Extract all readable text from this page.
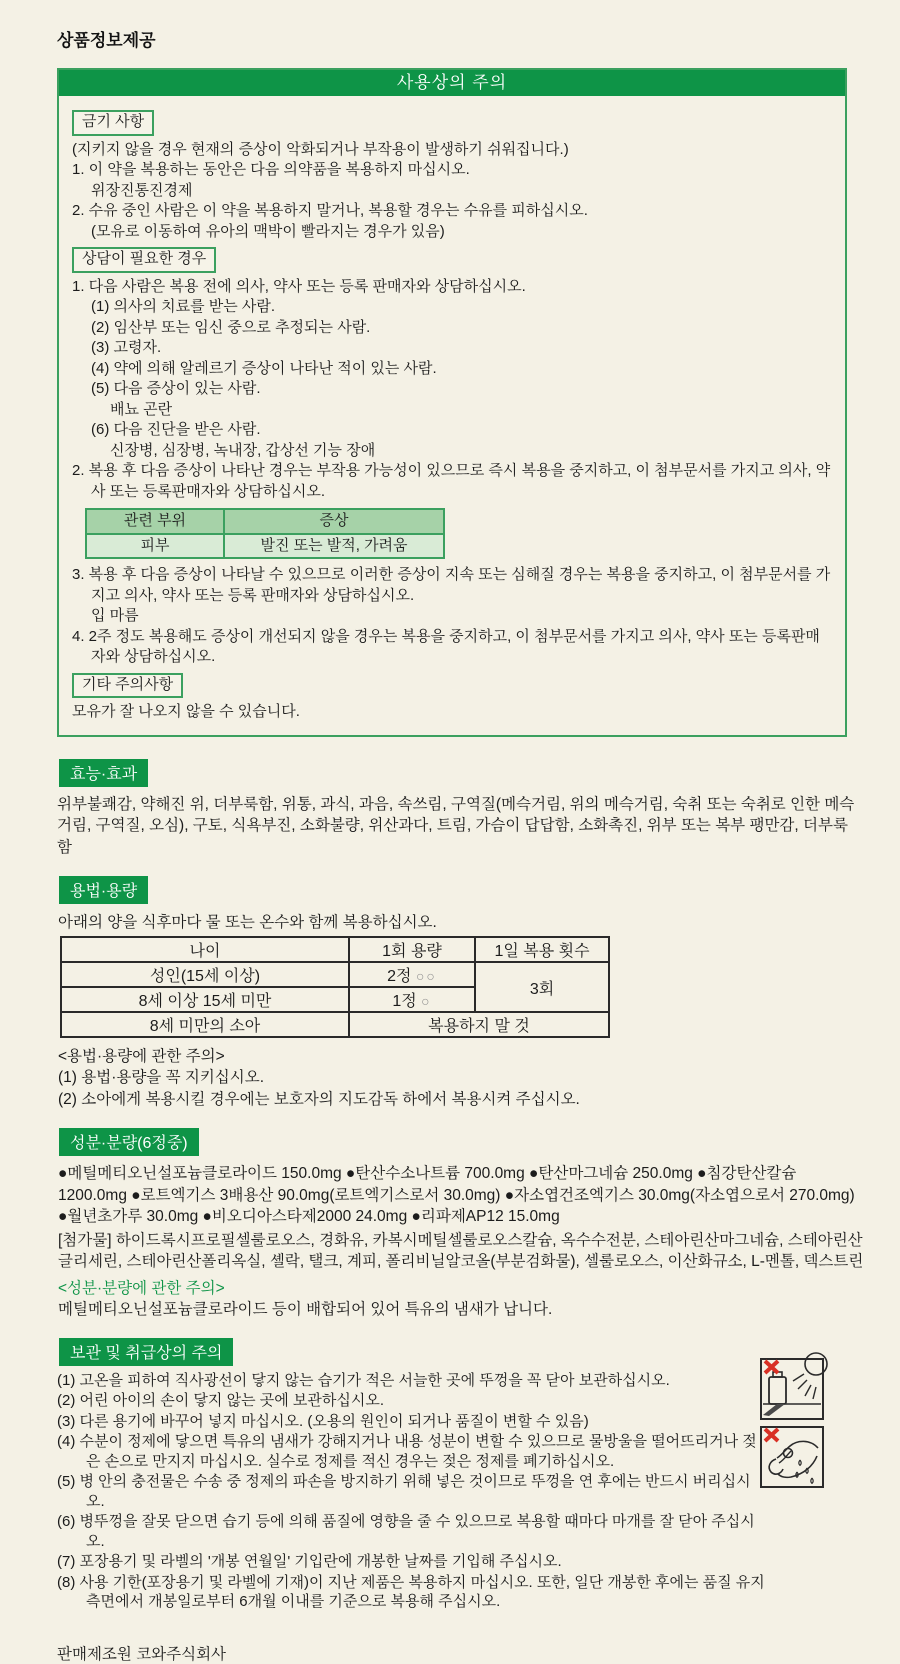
상품정보제공
사용상의 주의
금기 사항
(지키지 않을 경우 현재의 증상이 악화되거나 부작용이 발생하기 쉬워집니다.)
1. 이 약을 복용하는 동안은 다음 의약품을 복용하지 마십시오.
위장진통진경제
2. 수유 중인 사람은 이 약을 복용하지 말거나, 복용할 경우는 수유를 피하십시오.
(모유로 이동하여 유아의 맥박이 빨라지는 경우가 있음)
상담이 필요한 경우
1. 다음 사람은 복용 전에 의사, 약사 또는 등록 판매자와 상담하십시오.
(1) 의사의 치료를 받는 사람.
(2) 임산부 또는 임신 중으로 추정되는 사람.
(3) 고령자.
(4) 약에 의해 알레르기 증상이 나타난 적이 있는 사람.
(5) 다음 증상이 있는 사람.
배뇨 곤란
(6) 다음 진단을 받은 사람.
신장병, 심장병, 녹내장, 갑상선 기능 장애
2. 복용 후 다음 증상이 나타난 경우는 부작용 가능성이 있으므로 즉시 복용을 중지하고, 이 첨부문서를 가지고 의사, 약사 또는 등록판매자와 상담하십시오.
관련 부위	증상
피부	발진 또는 발적, 가려움
3. 복용 후 다음 증상이 나타날 수 있으므로 이러한 증상이 지속 또는 심해질 경우는 복용을 중지하고, 이 첨부문서를 가지고 의사, 약사 또는 등록 판매자와 상담하십시오.
입 마름
4. 2주 정도 복용해도 증상이 개선되지 않을 경우는 복용을 중지하고, 이 첨부문서를 가지고 의사, 약사 또는 등록판매자와 상담하십시오.
기타 주의사항
모유가 잘 나오지 않을 수 있습니다.
효능·효과

위부불쾌감, 약해진 위, 더부룩함, 위통, 과식, 과음, 속쓰림, 구역질(메슥거림, 위의 메슥거림, 숙취 또는 숙취로 인한 메슥거림, 구역질, 오심), 구토, 식욕부진, 소화불량, 위산과다, 트림, 가슴이 답답함, 소화촉진, 위부 또는 복부 팽만감, 더부룩함

용법·용량
아래의 양을 식후마다 물 또는 온수와 함께 복용하십시오.
나이	1회 용량	1일 복용 횟수
성인(15세 이상)	2정 ○○	3회
8세 이상 15세 미만	1정 ○	
8세 미만의 소아	복용하지 말 것	
<용법·용량에 관한 주의>
(1) 용법·용량을 꼭 지키십시오.
(2) 소아에게 복용시킬 경우에는 보호자의 지도감독 하에서 복용시켜 주십시오.
성분·분량(6정중)

●메틸메티오닌설포늄클로라이드 150.0mg ●탄산수소나트륨 700.0mg ●탄산마그네슘 250.0mg ●침강탄산칼슘 1200.0mg ●로트엑기스 3배용산 90.0mg(로트엑기스로서 30.0mg) ●자소엽건조엑기스 30.0mg(자소엽으로서 270.0mg) ●월년초가루 30.0mg ●비오디아스타제2000 24.0mg ●리파제AP12 15.0mg

[첨가물] 하이드록시프로필셀룰로오스, 경화유, 카복시메틸셀룰로오스칼슘, 옥수수전분, 스테아린산마그네슘, 스테아린산글리세린, 스테아린산폴리옥실, 셸락, 탤크, 계피, 폴리비닐알코올(부분검화물), 셀룰로오스, 이산화규소, L-멘톨, 덱스트린

<성분·분량에 관한 주의>
메틸메티오닌설포늄클로라이드 등이 배합되어 있어 특유의 냄새가 납니다.
보관 및 취급상의 주의
(1) 고온을 피하여 직사광선이 닿지 않는 습기가 적은 서늘한 곳에 뚜껑을 꼭 닫아 보관하십시오.
(2) 어린 아이의 손이 닿지 않는 곳에 보관하십시오.
(3) 다른 용기에 바꾸어 넣지 마십시오. (오용의 원인이 되거나 품질이 변할 수 있음)
(4) 수분이 정제에 닿으면 특유의 냄새가 강해지거나 내용 성분이 변할 수 있으므로 물방울을 떨어뜨리거나 젖은 손으로 만지지 마십시오. 실수로 정제를 적신 경우는 젖은 정제를 폐기하십시오.
(5) 병 안의 충전물은 수송 중 정제의 파손을 방지하기 위해 넣은 것이므로 뚜껑을 연 후에는 반드시 버리십시오.
(6) 병뚜껑을 잘못 닫으면 습기 등에 의해 품질에 영향을 줄 수 있으므로 복용할 때마다 마개를 잘 닫아 주십시오.
(7) 포장용기 및 라벨의 '개봉 연월일' 기입란에 개봉한 날짜를 기입해 주십시오.
(8) 사용 기한(포장용기 및 라벨에 기재)이 지난 제품은 복용하지 마십시오. 또한, 일단 개봉한 후에는 품질 유지 측면에서 개봉일로부터 6개월 이내를 기준으로 복용해 주십시오.
판매제조원 코와주식회사
